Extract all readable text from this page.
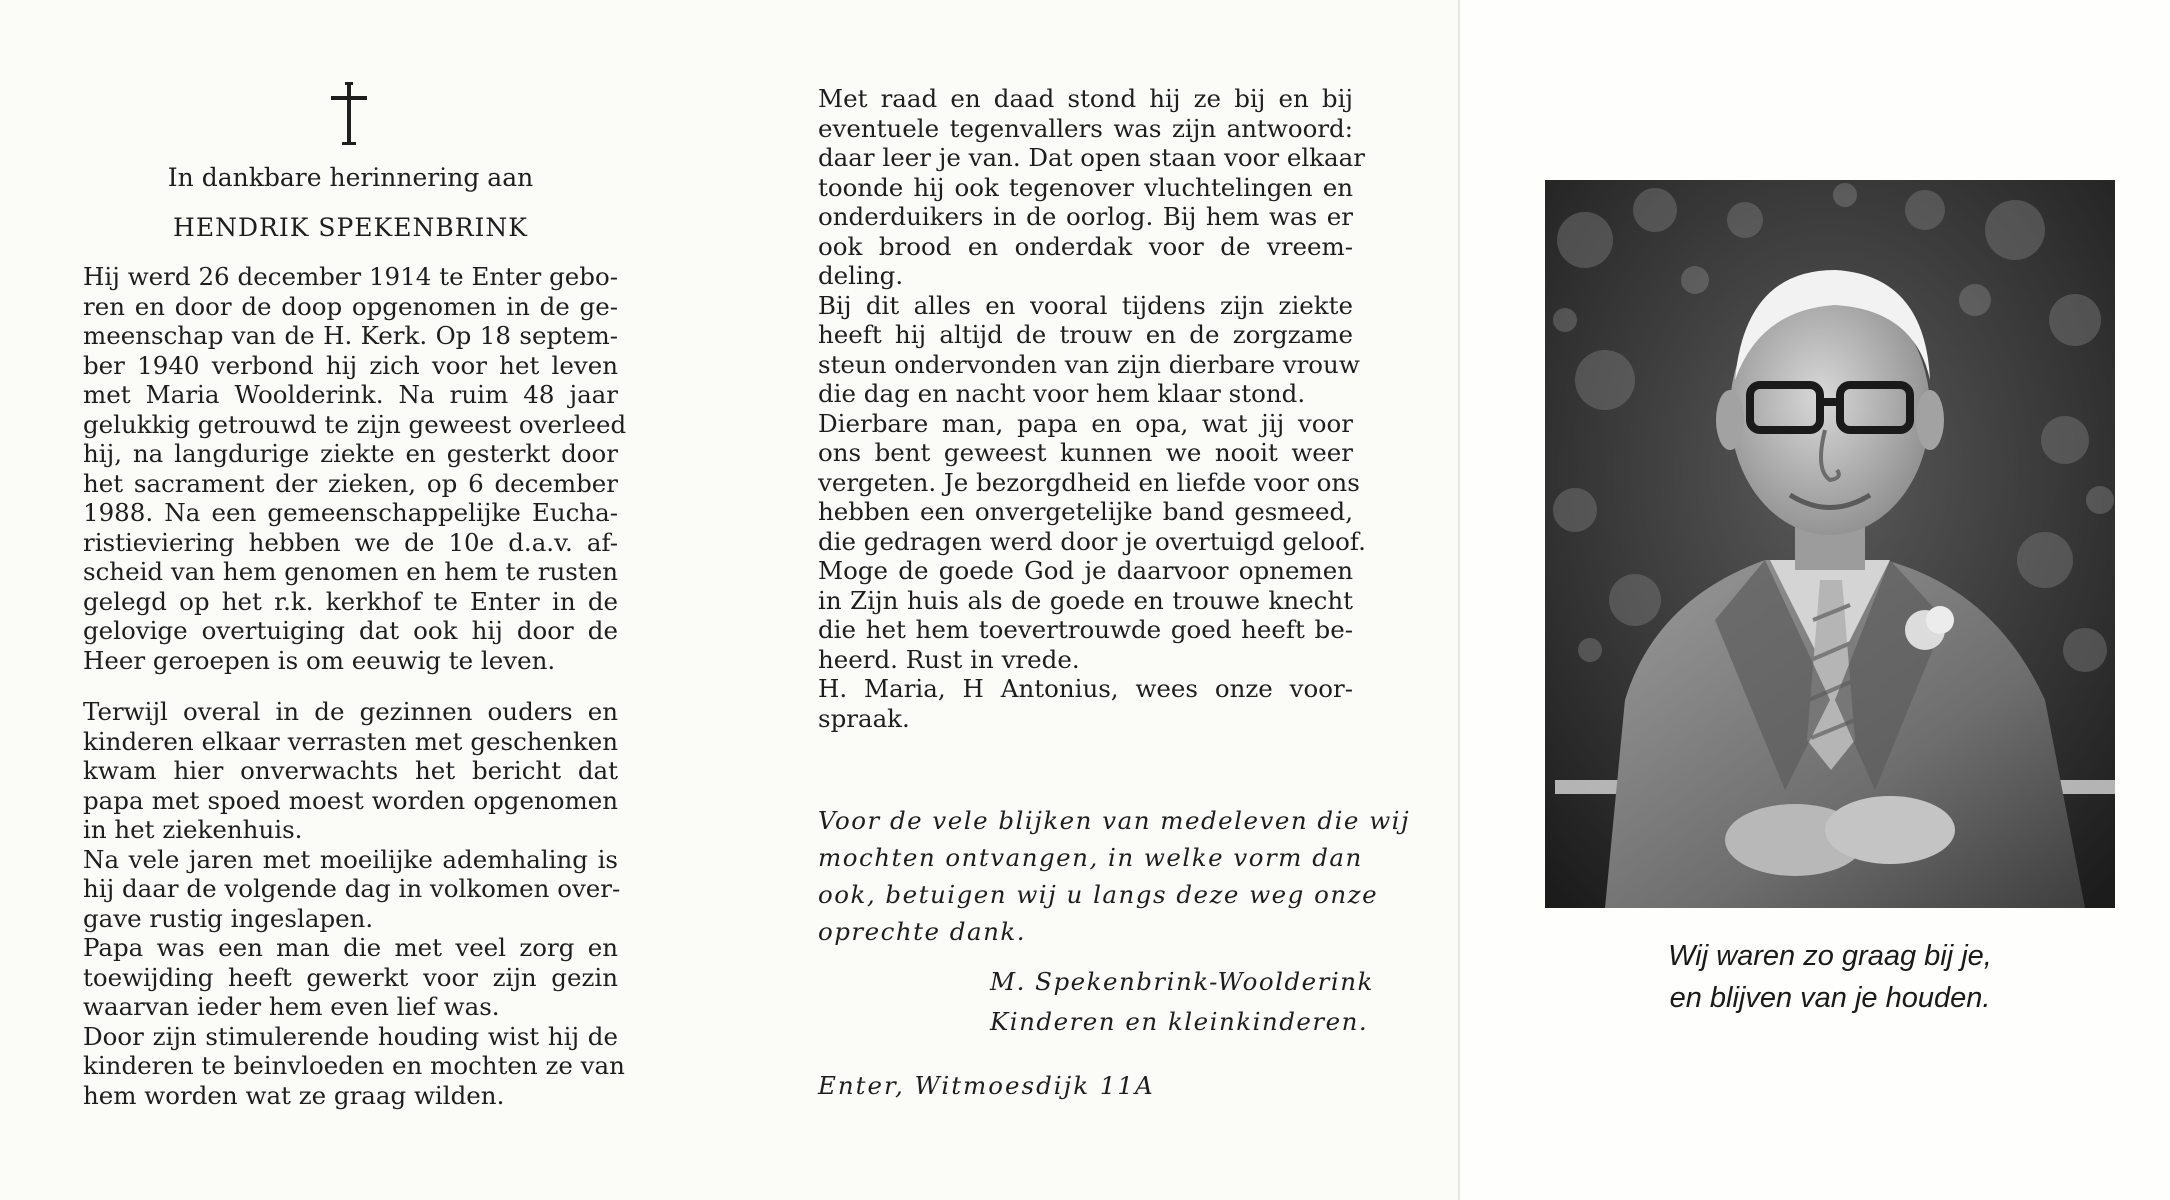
In dankbare herinnering aan
HENDRIK SPEKENBRINK
Hij werd 26 december 1914 te Enter gebo-
ren en door de doop opgenomen in de ge-
meenschap van de H. Kerk. Op 18 septem-
ber 1940 verbond hij zich voor het leven
met Maria Woolderink. Na ruim 48 jaar
gelukkig getrouwd te zijn geweest overleed
hij, na langdurige ziekte en gesterkt door
het sacrament der zieken, op 6 december
1988. Na een gemeenschappelijke Eucha-
ristieviering hebben we de 10e d.a.v. af-
scheid van hem genomen en hem te rusten
gelegd op het r.k. kerkhof te Enter in de
gelovige overtuiging dat ook hij door de
Heer geroepen is om eeuwig te leven.
Terwijl overal in de gezinnen ouders en
kinderen elkaar verrasten met geschenken
kwam hier onverwachts het bericht dat
papa met spoed moest worden opgenomen
in het ziekenhuis.
Na vele jaren met moeilijke ademhaling is
hij daar de volgende dag in volkomen over-
gave rustig ingeslapen.
Papa was een man die met veel zorg en
toewijding heeft gewerkt voor zijn gezin
waarvan ieder hem even lief was.
Door zijn stimulerende houding wist hij de
kinderen te beinvloeden en mochten ze van
hem worden wat ze graag wilden.
Met raad en daad stond hij ze bij en bij
eventuele tegenvallers was zijn antwoord:
daar leer je van. Dat open staan voor elkaar
toonde hij ook tegenover vluchtelingen en
onderduikers in de oorlog. Bij hem was er
ook brood en onderdak voor de vreem-
deling.
Bij dit alles en vooral tijdens zijn ziekte
heeft hij altijd de trouw en de zorgzame
steun ondervonden van zijn dierbare vrouw
die dag en nacht voor hem klaar stond.
Dierbare man, papa en opa, wat jij voor
ons bent geweest kunnen we nooit weer
vergeten. Je bezorgdheid en liefde voor ons
hebben een onvergetelijke band gesmeed,
die gedragen werd door je overtuigd geloof.
Moge de goede God je daarvoor opnemen
in Zijn huis als de goede en trouwe knecht
die het hem toevertrouwde goed heeft be-
heerd. Rust in vrede.
H. Maria, H Antonius, wees onze voor-
spraak.
Voor de vele blijken van medeleven die wij
mochten ontvangen, in welke vorm dan
ook, betuigen wij u langs deze weg onze
oprechte dank.
M. Spekenbrink-Woolderink
Kinderen en kleinkinderen.
Enter, Witmoesdijk 11A
Wij waren zo graag bij je,
en blijven van je houden.
